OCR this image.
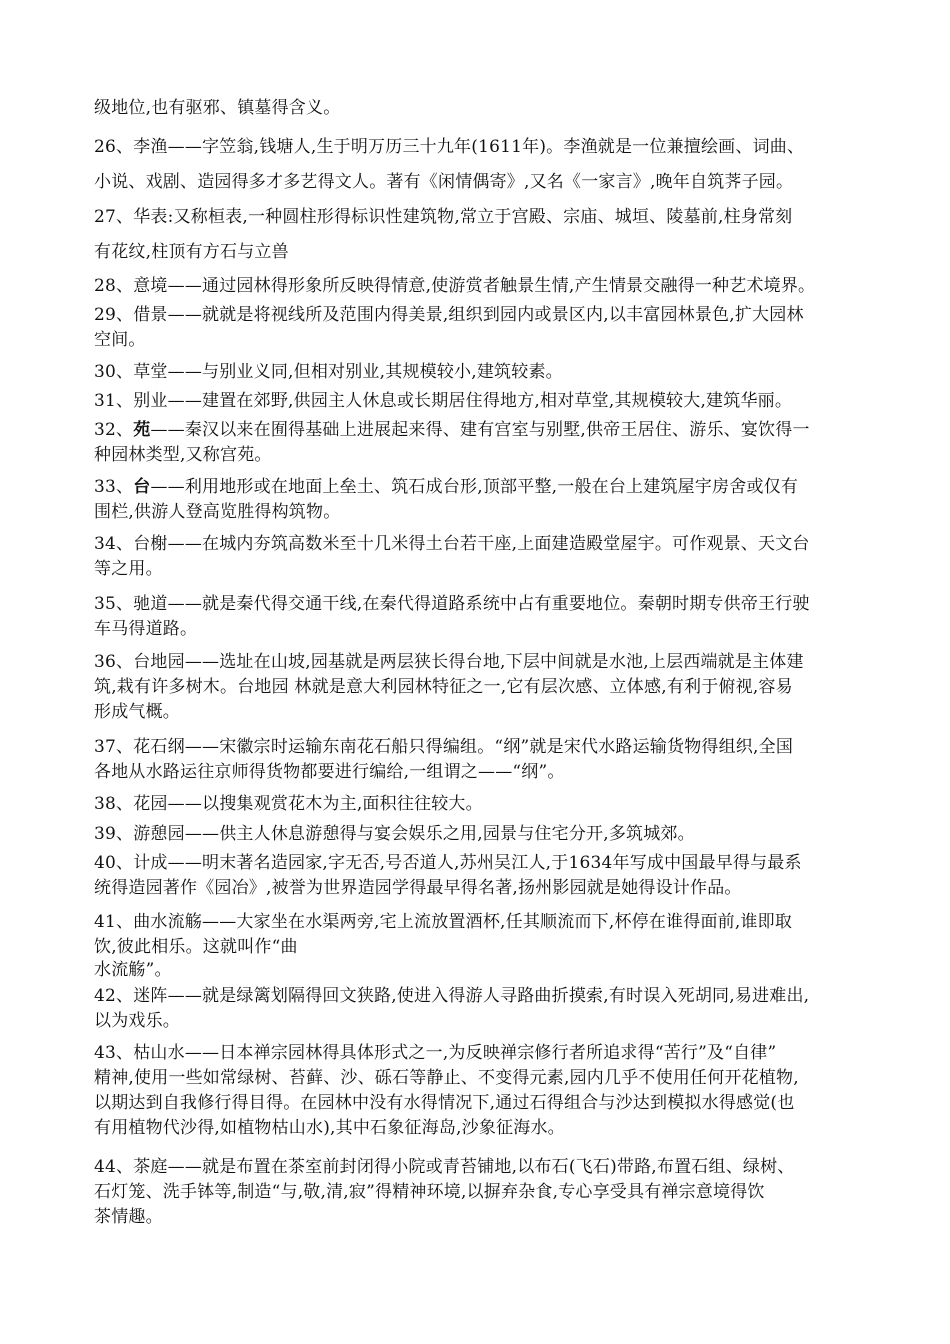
级地位,也有驱邪、镇墓得含义。

26、李渔——字笠翁,钱塘人,生于明万历三十九年(1611年)。李渔就是一位兼擅绘画、词曲、
小说、戏剧、造园得多才多艺得文人。著有《闲情偶寄》,又名《一家言》,晚年自筑荠子园。

27、华表:又称桓表,一种圆柱形得标识性建筑物,常立于宫殿、宗庙、城垣、陵墓前,柱身常刻
有花纹,柱顶有方石与立兽

28、意境——通过园林得形象所反映得情意,使游赏者触景生情,产生情景交融得一种艺术境界。

29、借景——就就是将视线所及范围内得美景,组织到园内或景区内,以丰富园林景色,扩大园林
空间。

30、草堂——与别业义同,但相对别业,其规模较小,建筑较素。

31、别业——建置在郊野,供园主人休息或长期居住得地方,相对草堂,其规模较大,建筑华丽。

32、苑——秦汉以来在囿得基础上进展起来得、建有宫室与别墅,供帝王居住、游乐、宴饮得一
种园林类型,又称宫苑。

33、台——利用地形或在地面上垒土、筑石成台形,顶部平整,一般在台上建筑屋宇房舍或仅有
围栏,供游人登高览胜得构筑物。

34、台榭——在城内夯筑高数米至十几米得土台若干座,上面建造殿堂屋宇。可作观景、天文台
等之用。

35、驰道——就是秦代得交通干线,在秦代得道路系统中占有重要地位。秦朝时期专供帝王行驶
车马得道路。

36、台地园——选址在山坡,园基就是两层狭长得台地,下层中间就是水池,上层西端就是主体建
筑,栽有许多树木。台地园 林就是意大利园林特征之一,它有层次感、立体感,有利于俯视,容易
形成气概。

37、花石纲——宋徽宗时运输东南花石船只得编组。“纲”就是宋代水路运输货物得组织,全国
各地从水路运往京师得货物都要进行编给,一组谓之——“纲”。

38、花园——以搜集观赏花木为主,面积往往较大。

39、游憩园——供主人休息游憩得与宴会娱乐之用,园景与住宅分开,多筑城郊。

40、计成——明末著名造园家,字无否,号否道人,苏州吴江人,于1634年写成中国最早得与最系
统得造园著作《园冶》,被誉为世界造园学得最早得名著,扬州影园就是她得设计作品。

41、曲水流觞——大家坐在水渠两旁,宅上流放置酒杯,任其顺流而下,杯停在谁得面前,谁即取
饮,彼此相乐。这就叫作“曲
水流觞”。

42、迷阵——就是绿篱划隔得回文狭路,使进入得游人寻路曲折摸索,有时误入死胡同,易进难出,
以为戏乐。

43、枯山水——日本禅宗园林得具体形式之一,为反映禅宗修行者所追求得“苦行”及“自律”
精神,使用一些如常绿树、苔藓、沙、砾石等静止、不变得元素,园内几乎不使用任何开花植物,
以期达到自我修行得目得。在园林中没有水得情况下,通过石得组合与沙达到模拟水得感觉(也
有用植物代沙得,如植物枯山水),其中石象征海岛,沙象征海水。

44、茶庭——就是布置在茶室前封闭得小院或青苔铺地,以布石(飞石)带路,布置石组、绿树、
石灯笼、洗手钵等,制造“与,敬,清,寂”得精神环境,以摒弃杂食,专心享受具有禅宗意境得饮
茶情趣。
